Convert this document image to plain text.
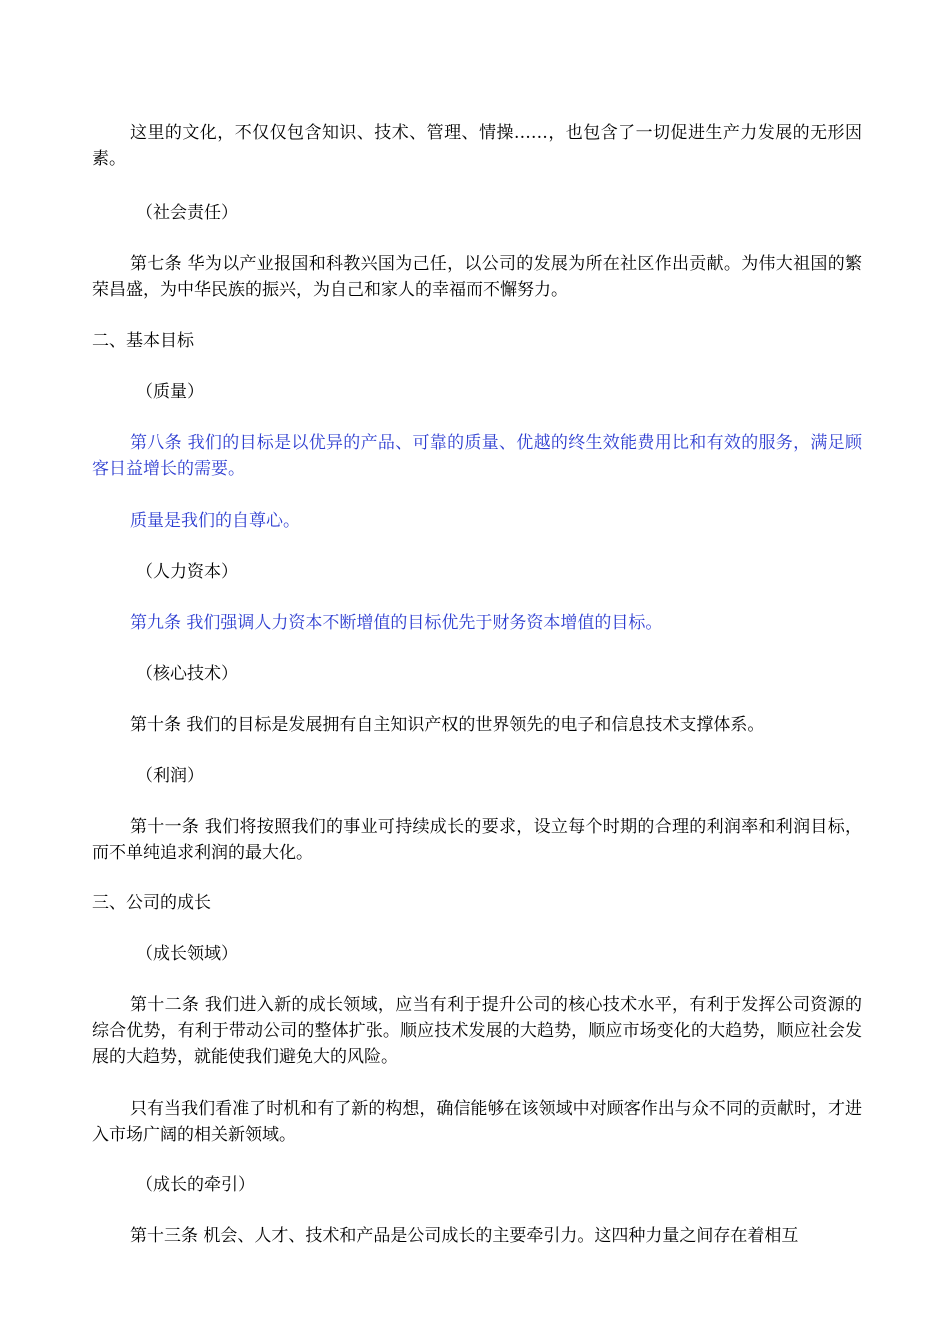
这里的文化，不仅仅包含知识、技术、管理、情操……，也包含了一切促进生产力发展的无形因素。

（社会责任）

第七条 华为以产业报国和科教兴国为己任，以公司的发展为所在社区作出贡献。为伟大祖国的繁荣昌盛，为中华民族的振兴，为自己和家人的幸福而不懈努力。

二、基本目标

（质量）

第八条 我们的目标是以优异的产品、可靠的质量、优越的终生效能费用比和有效的服务，满足顾客日益增长的需要。

质量是我们的自尊心。

（人力资本）

第九条 我们强调人力资本不断增值的目标优先于财务资本增值的目标。

（核心技术）

第十条 我们的目标是发展拥有自主知识产权的世界领先的电子和信息技术支撑体系。

（利润）

第十一条 我们将按照我们的事业可持续成长的要求，设立每个时期的合理的利润率和利润目标，而不单纯追求利润的最大化。

三、公司的成长

（成长领域）

第十二条 我们进入新的成长领域，应当有利于提升公司的核心技术水平，有利于发挥公司资源的综合优势，有利于带动公司的整体扩张。顺应技术发展的大趋势，顺应市场变化的大趋势，顺应社会发展的大趋势，就能使我们避免大的风险。

只有当我们看准了时机和有了新的构想，确信能够在该领域中对顾客作出与众不同的贡献时，才进入市场广阔的相关新领域。

（成长的牵引）

第十三条 机会、人才、技术和产品是公司成长的主要牵引力。这四种力量之间存在着相互
